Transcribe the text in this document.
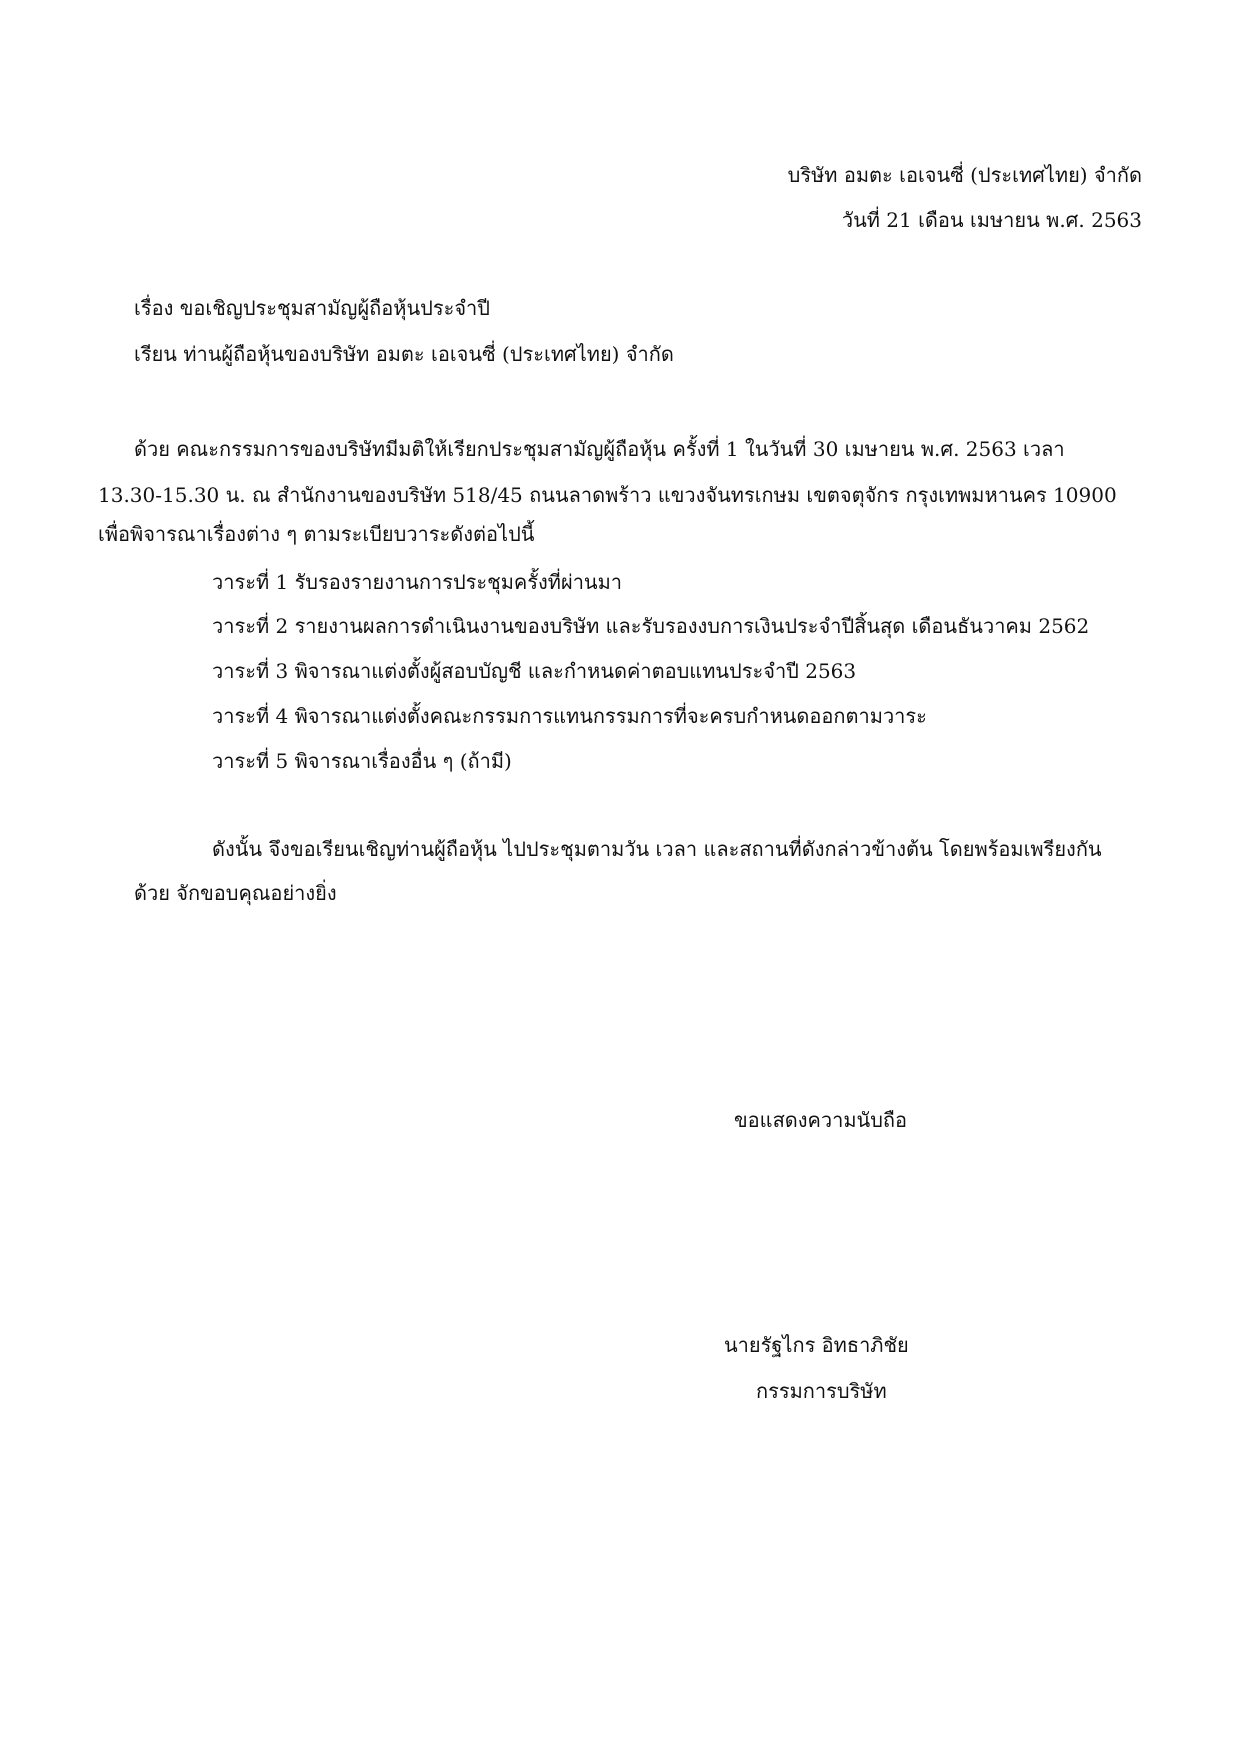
บริษัท อมตะ เอเจนซี่ (ประเทศไทย) จำกัด
วันที่ 21 เดือน เมษายน พ.ศ. 2563
เรื่อง ขอเชิญประชุมสามัญผู้ถือหุ้นประจำปี
เรียน ท่านผู้ถือหุ้นของบริษัท อมตะ เอเจนซี่ (ประเทศไทย) จำกัด
ด้วย คณะกรรมการของบริษัทมีมติให้เรียกประชุมสามัญผู้ถือหุ้น ครั้งที่ 1 ในวันที่ 30 เมษายน พ.ศ. 2563 เวลา
13.30-15.30 น. ณ สำนักงานของบริษัท 518/45 ถนนลาดพร้าว แขวงจันทรเกษม เขตจตุจักร กรุงเทพมหานคร 10900
เพื่อพิจารณาเรื่องต่าง ๆ ตามระเบียบวาระดังต่อไปนี้
วาระที่ 1 รับรองรายงานการประชุมครั้งที่ผ่านมา
วาระที่ 2 รายงานผลการดำเนินงานของบริษัท และรับรองงบการเงินประจำปีสิ้นสุด เดือนธันวาคม 2562
วาระที่ 3 พิจารณาแต่งตั้งผู้สอบบัญชี และกำหนดค่าตอบแทนประจำปี 2563
วาระที่ 4 พิจารณาแต่งตั้งคณะกรรมการแทนกรรมการที่จะครบกำหนดออกตามวาระ
วาระที่ 5 พิจารณาเรื่องอื่น ๆ (ถ้ามี)
ดังนั้น จึงขอเรียนเชิญท่านผู้ถือหุ้น ไปประชุมตามวัน เวลา และสถานที่ดังกล่าวข้างต้น โดยพร้อมเพรียงกัน
ด้วย จักขอบคุณอย่างยิ่ง
ขอแสดงความนับถือ
นายรัฐไกร อิทธาภิชัย
กรรมการบริษัท
